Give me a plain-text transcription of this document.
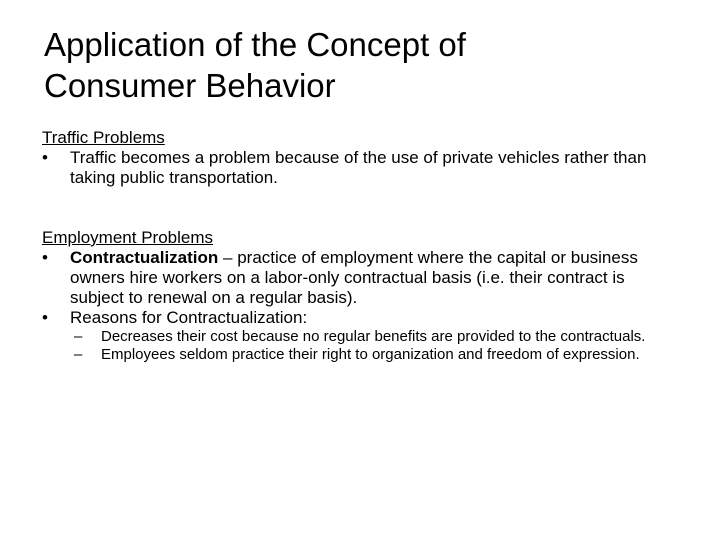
Application of the Concept of
Consumer Behavior

Traffic Problems

•	Traffic becomes a problem because of the use of private vehicles rather than taking public transportation.

Employment Problems

•	Contractualization – practice of employment where the capital or business owners hire workers on a labor-only contractual basis (i.e. their contract is subject to renewal on a regular basis).
•	Reasons for Contractualization:
– Decreases their cost because no regular benefits are provided to the contractuals.
– Employees seldom practice their right to organization and freedom of expression.
